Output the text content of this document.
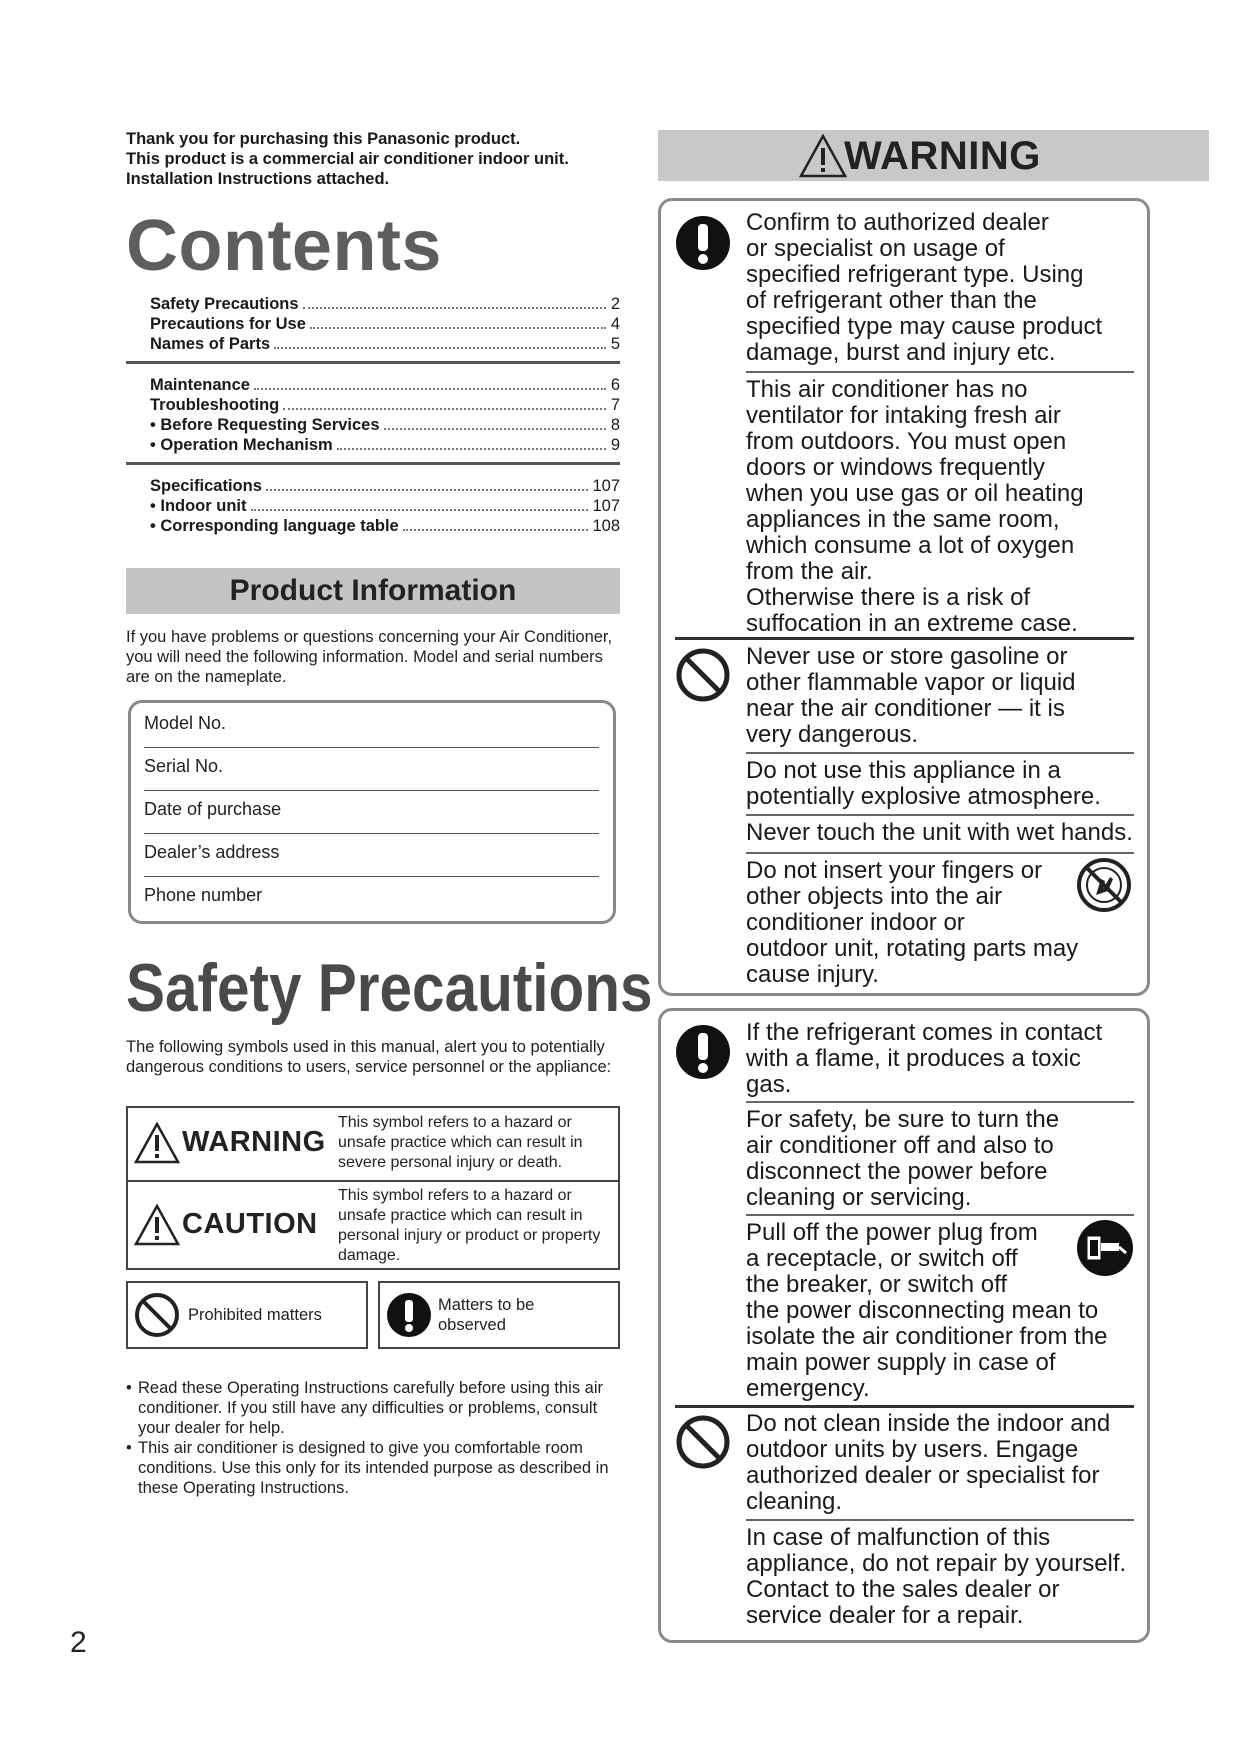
Thank you for purchasing this Panasonic product.
This product is a commercial air conditioner indoor unit.
Installation Instructions attached.
Contents
Safety Precautions	2
Precautions for Use	4
Names of Parts	5
Maintenance	6
Troubleshooting	7
• Before Requesting Services	8
• Operation Mechanism	9
Specifications	107
• Indoor unit	107
• Corresponding language table	108
Product Information
If you have problems or questions concerning your Air Conditioner, you will need the following information. Model and serial numbers are on the nameplate.
Model No.
Serial No.
Date of purchase
Dealer’s address
Phone number
Safety Precautions
The following symbols used in this manual, alert you to potentially dangerous conditions to users, service personnel or the appliance:
WARNING
This symbol refers to a hazard or unsafe practice which can result in severe personal injury or death.
CAUTION
This symbol refers to a hazard or unsafe practice which can result in personal injury or product or property damage.
Prohibited matters
Matters to be observed
• Read these Operating Instructions carefully before using this air conditioner. If you still have any difficulties or problems, consult your dealer for help.
• This air conditioner is designed to give you comfortable room conditions. Use this only for its intended purpose as described in these Operating Instructions.
2
WARNING
Confirm to authorized dealer
or specialist on usage of
specified refrigerant type. Using
of refrigerant other than the
specified type may cause product
damage, burst and injury etc.
This air conditioner has no
ventilator for intaking fresh air
from outdoors. You must open
doors or windows frequently
when you use gas or oil heating
appliances in the same room,
which consume a lot of oxygen
from the air.
Otherwise there is a risk of
suffocation in an extreme case.
Never use or store gasoline or
other flammable vapor or liquid
near the air conditioner — it is
very dangerous.
Do not use this appliance in a
potentially explosive atmosphere.
Never touch the unit with wet hands.
Do not insert your fingers or
other objects into the air
conditioner indoor or
outdoor unit, rotating parts may
cause injury.
If the refrigerant comes in contact
with a flame, it produces a toxic
gas.
For safety, be sure to turn the
air conditioner off and also to
disconnect the power before
cleaning or servicing.
Pull off the power plug from
a receptacle, or switch off
the breaker, or switch off
the power disconnecting mean to
isolate the air conditioner from the
main power supply in case of
emergency.
Do not clean inside the indoor and
outdoor units by users. Engage
authorized dealer or specialist for
cleaning.
In case of malfunction of this
appliance, do not repair by yourself.
Contact to the sales dealer or
service dealer for a repair.
